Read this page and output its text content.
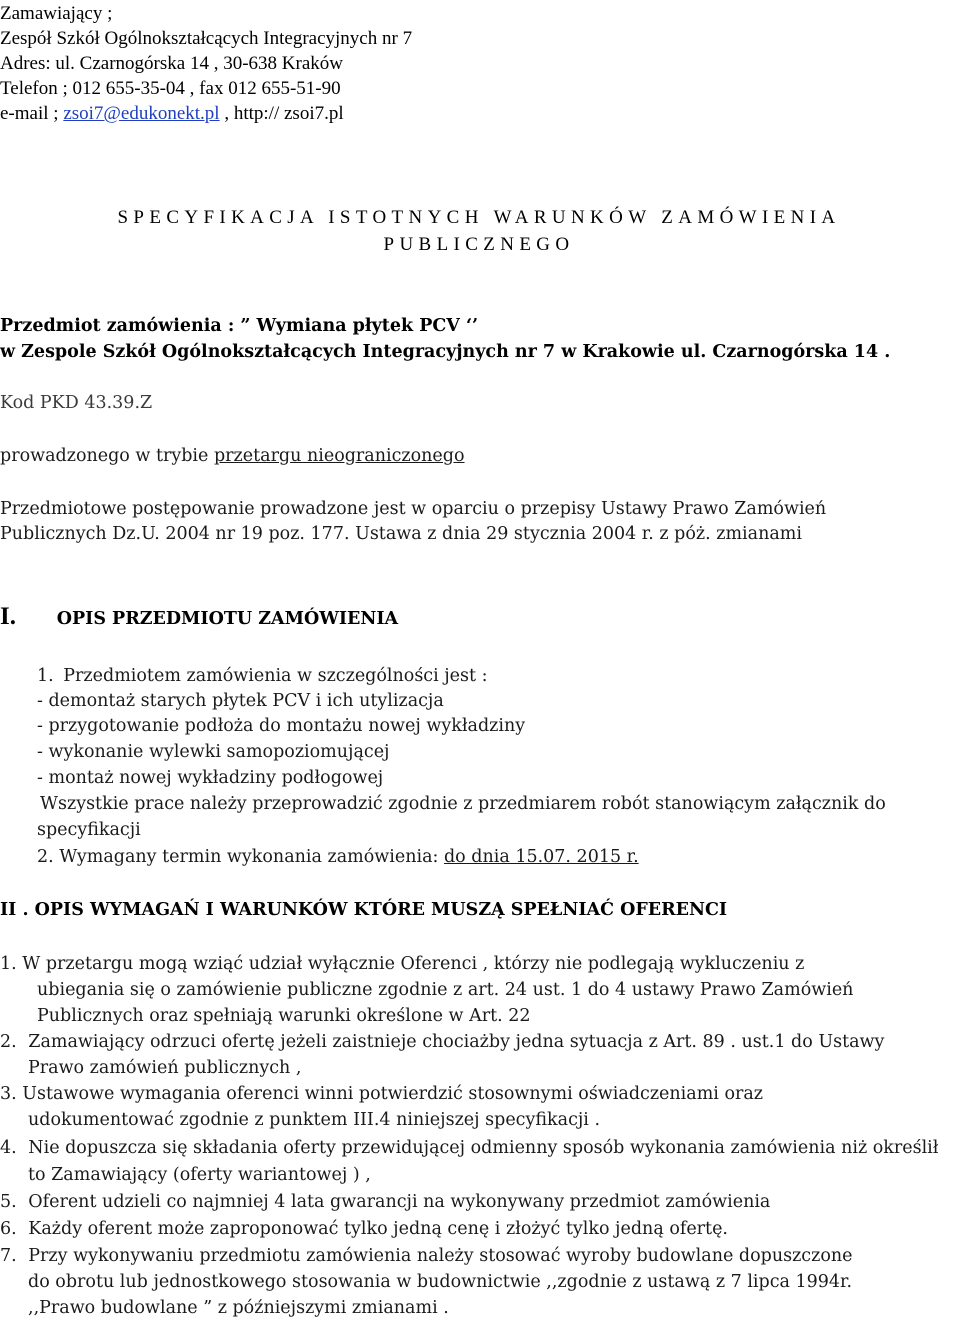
Zamawiający ;
Zespół Szkół Ogólnokształcących Integracyjnych nr 7
Adres: ul. Czarnogórska 14 , 30-638 Kraków
Telefon ; 012 655-35-04 , fax 012 655-51-90
e-mail ; zsoi7@edukonekt.pl , http:// zsoi7.pl
SPECYFIKACJA ISTOTNYCH WARUNKÓW ZAMÓWIENIA
PUBLICZNEGO
Przedmiot zamówienia : ” Wymiana płytek PCV ‘’
w Zespole Szkół Ogólnokształcących Integracyjnych nr 7 w Krakowie ul. Czarnogórska 14 .
Kod PKD 43.39.Z
prowadzonego w trybie przetargu nieograniczonego
Przedmiotowe postępowanie prowadzone jest w oparciu o przepisy Ustawy Prawo Zamówień
Publicznych Dz.U. 2004 nr 19 poz. 177. Ustawa z dnia 29 stycznia 2004 r. z póż. zmianami
I. OPIS PRZEDMIOTU ZAMÓWIENIA
1. Przedmiotem zamówienia w szczególności jest :
- demontaż starych płytek PCV i ich utylizacja
- przygotowanie podłoża do montażu nowej wykładziny
- wykonanie wylewki samopoziomującej
- montaż nowej wykładziny podłogowej
Wszystkie prace należy przeprowadzić zgodnie z przedmiarem robót stanowiącym załącznik do
specyfikacji
2. Wymagany termin wykonania zamówienia: do dnia 15.07. 2015 r.
II . OPIS WYMAGAŃ I WARUNKÓW KTÓRE MUSZĄ SPEŁNIAĆ OFERENCI
1. W przetargu mogą wziąć udział wyłącznie Oferenci , którzy nie podlegają wykluczeniu z
ubiegania się o zamówienie publiczne zgodnie z art. 24 ust. 1 do 4 ustawy Prawo Zamówień
Publicznych oraz spełniają warunki określone w Art. 22
2. Zamawiający odrzuci ofertę jeżeli zaistnieje chociażby jedna sytuacja z Art. 89 . ust.1 do Ustawy
Prawo zamówień publicznych ,
3. Ustawowe wymagania oferenci winni potwierdzić stosownymi oświadczeniami oraz
udokumentować zgodnie z punktem III.4 niniejszej specyfikacji .
4. Nie dopuszcza się składania oferty przewidującej odmienny sposób wykonania zamówienia niż określił
to Zamawiający (oferty wariantowej ) ,
5. Oferent udzieli co najmniej 4 lata gwarancji na wykonywany przedmiot zamówienia
6. Każdy oferent może zaproponować tylko jedną cenę i złożyć tylko jedną ofertę.
7. Przy wykonywaniu przedmiotu zamówienia należy stosować wyroby budowlane dopuszczone
do obrotu lub jednostkowego stosowania w budownictwie ,,zgodnie z ustawą z 7 lipca 1994r.
,,Prawo budowlane ” z późniejszymi zmianami .
